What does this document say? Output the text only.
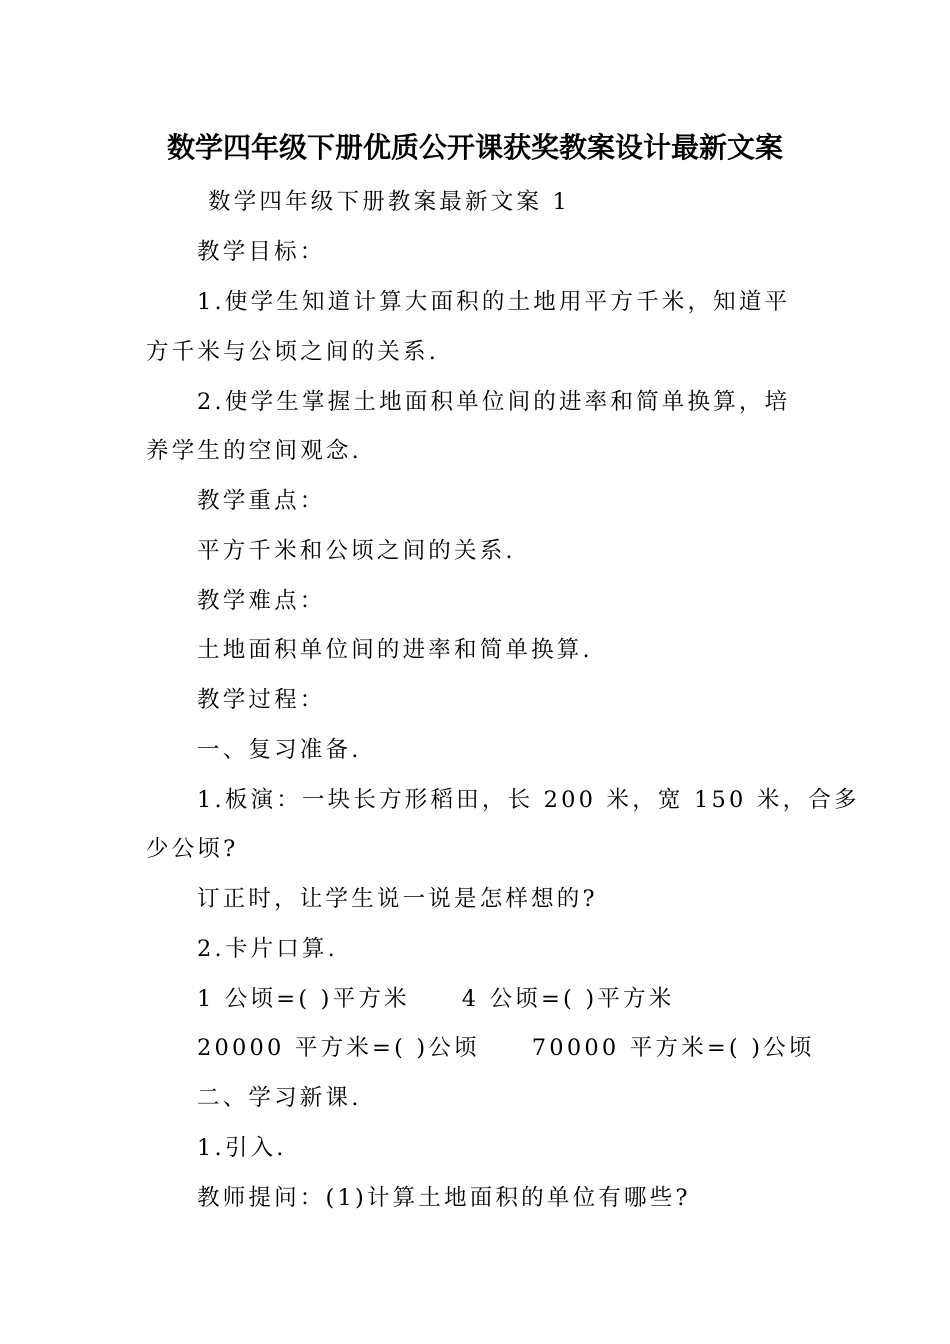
数学四年级下册优质公开课获奖教案设计最新文案

数学四年级下册教案最新文案 1

教学目标：

1.使学生知道计算大面积的土地用平方千米，知道平

方千米与公顷之间的关系.

2.使学生掌握土地面积单位间的进率和简单换算，培

养学生的空间观念.

教学重点：

平方千米和公顷之间的关系.

教学难点：

土地面积单位间的进率和简单换算.

教学过程：

一、复习准备.

1.板演：一块长方形稻田，长 200 米，宽 150 米，合多

少公顷?

订正时，让学生说一说是怎样想的?

2.卡片口算.

1 公顷=( )平方米 4 公顷=( )平方米

20000 平方米=( )公顷 70000 平方米=( )公顷

二、学习新课.

1.引入.

教师提问：(1)计算土地面积的单位有哪些?
